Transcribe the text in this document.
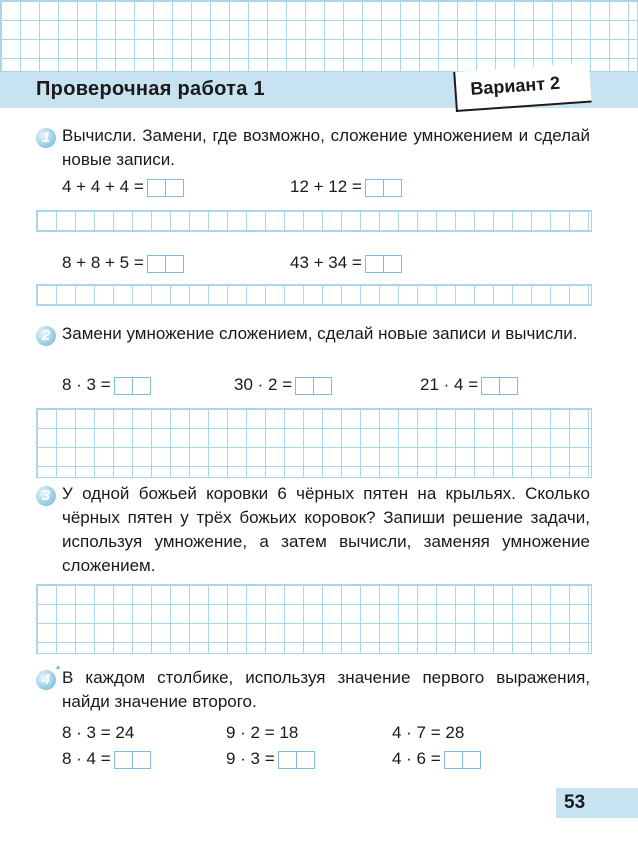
Проверочная работа 1	Вариант 2
1 Вычисли. Замени, где возможно, сложение умножением и сделай новые записи.
4 + 4 + 4 =	12 + 12 =
8 + 8 + 5 =	43 + 34 =
2 Замени умножение сложением, сделай новые записи и вычисли.
8 · 3 =	30 · 2 =	21 · 4 =
3 У одной божьей коровки 6 чёрных пятен на крыльях. Сколько чёрных пятен у трёх божьих коровок? Запиши решение задачи, используя умножение, а затем вычисли, заменяя умножение сложением.
4
* В каждом столбике, используя значение первого выражения, найди значение второго.
8 · 3 = 24	9 · 2 = 18	4 · 7 = 28
8 · 4 =	9 · 3 =	4 · 6 =
53
